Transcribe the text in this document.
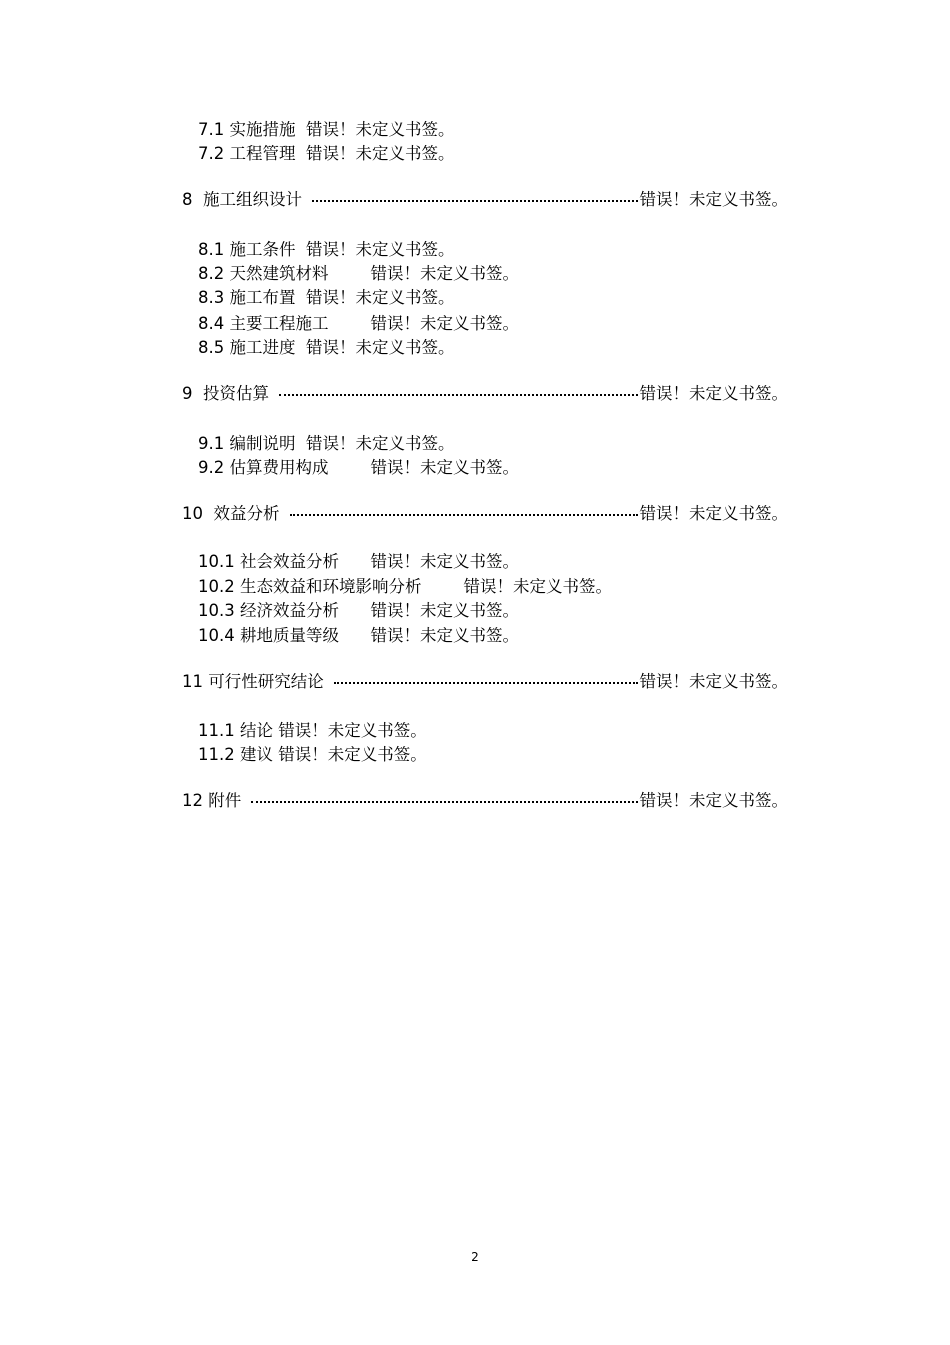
7.1 实施措施 错误！未定义书签。
7.2 工程管理 错误！未定义书签。
8  施工组织设计	错误！未定义书签。
8.1 施工条件 错误！未定义书签。
8.2 天然建筑材料	错误！未定义书签。
8.3 施工布置 错误！未定义书签。
8.4 主要工程施工	错误！未定义书签。
8.5 施工进度 错误！未定义书签。
9  投资估算	错误！未定义书签。
9.1 编制说明 错误！未定义书签。
9.2 估算费用构成	错误！未定义书签。
10  效益分析	错误！未定义书签。
10.1 社会效益分析 错误！未定义书签。
10.2 生态效益和环境影响分析	错误！未定义书签。
10.3 经济效益分析 错误！未定义书签。
10.4 耕地质量等级 错误！未定义书签。
11 可行性研究结论	错误！未定义书签。
11.1 结论 错误！未定义书签。
11.2 建议 错误！未定义书签。
12 附件	错误！未定义书签。
2
